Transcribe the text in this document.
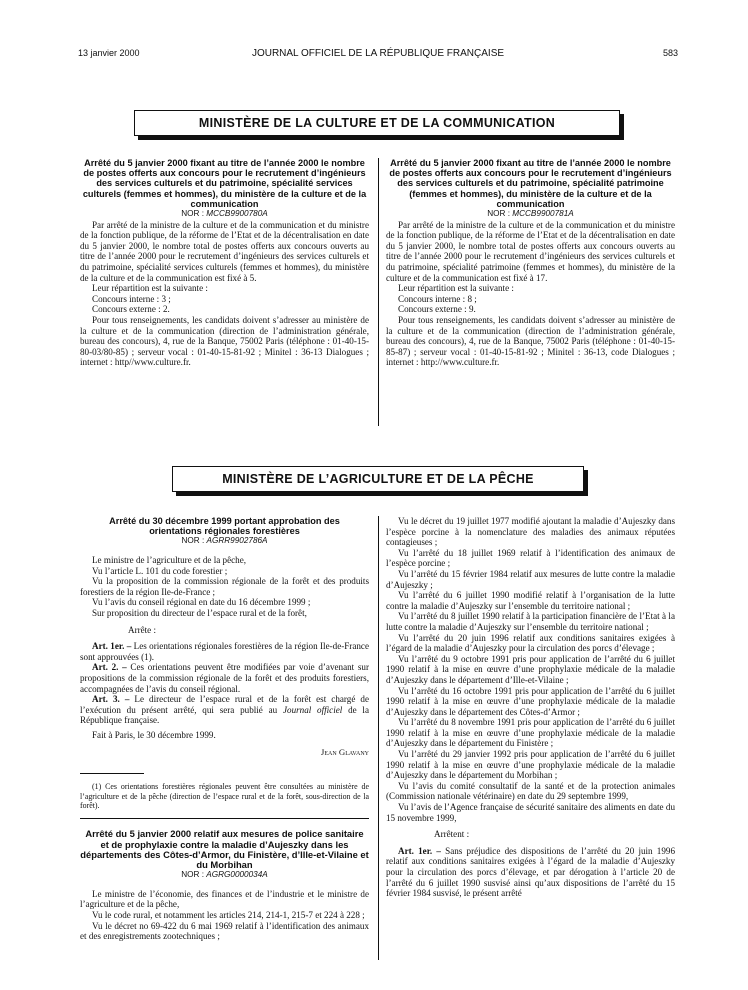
13 janvier 2000	JOURNAL OFFICIEL DE LA RÉPUBLIQUE FRANÇAISE	583
MINISTÈRE DE LA CULTURE ET DE LA COMMUNICATION

Arrêté du 5 janvier 2000 fixant au titre de l’année 2000 le nombre de postes offerts aux concours pour le recrutement d’ingénieurs des services culturels et du patrimoine, spécialité services culturels (femmes et hommes), du ministère de la culture et de la communication

NOR : MCCB9900780A

Par arrêté de la ministre de la culture et de la communication et du ministre de la fonction publique, de la réforme de l’Etat et de la décentralisation en date du 5 janvier 2000, le nombre total de postes offerts aux concours ouverts au titre de l’année 2000 pour le recrutement d’ingénieurs des services culturels et du patrimoine, spécialité services culturels (femmes et hommes), du ministère de la culture et de la communication est fixé à 5.

Leur répartition est la suivante :

Concours interne : 3 ;

Concours externe : 2.

Pour tous renseignements, les candidats doivent s’adresser au ministère de la culture et de la communication (direction de l’administration générale, bureau des concours), 4, rue de la Banque, 75002 Paris (téléphone : 01-40-15-80-03/80-85) ; serveur vocal : 01-40-15-81-92 ; Minitel : 36-13 Dialogues ; internet : http//www.culture.fr.

Arrêté du 5 janvier 2000 fixant au titre de l’année 2000 le nombre de postes offerts aux concours pour le recrutement d’ingénieurs des services culturels et du patrimoine, spécialité patrimoine (femmes et hommes), du ministère de la culture et de la communication

NOR : MCCB9900781A

Par arrêté de la ministre de la culture et de la communication et du ministre de la fonction publique, de la réforme de l’Etat et de la décentralisation en date du 5 janvier 2000, le nombre total de postes offerts aux concours ouverts au titre de l’année 2000 pour le recrutement d’ingénieurs des services culturels et du patrimoine, spécialité patrimoine (femmes et hommes), du ministère de la culture et de la communication est fixé à 17.

Leur répartition est la suivante :

Concours interne : 8 ;

Concours externe : 9.

Pour tous renseignements, les candidats doivent s’adresser au ministère de la culture et de la communication (direction de l’administration générale, bureau des concours), 4, rue de la Banque, 75002 Paris (téléphone : 01-40-15-85-87) ; serveur vocal : 01-40-15-81-92 ; Minitel : 36-13, code Dialogues ; internet : http://www.culture.fr.

MINISTÈRE DE L’AGRICULTURE ET DE LA PÊCHE

Arrêté du 30 décembre 1999 portant approbation des orientations régionales forestières

NOR : AGRR9902786A

Le ministre de l’agriculture et de la pêche,

Vu l’article L. 101 du code forestier ;

Vu la proposition de la commission régionale de la forêt et des produits forestiers de la région Ile-de-France ;

Vu l’avis du conseil régional en date du 16 décembre 1999 ;

Sur proposition du directeur de l’espace rural et de la forêt,

Arrête :

Art. 1er. – Les orientations régionales forestières de la région Ile-de-France sont approuvées (1).

Art. 2. – Ces orientations peuvent être modifiées par voie d’avenant sur propositions de la commission régionale de la forêt et des produits forestiers, accompagnées de l’avis du conseil régional.

Art. 3. – Le directeur de l’espace rural et de la forêt est chargé de l’exécution du présent arrêté, qui sera publié au Journal officiel de la République française.

Fait à Paris, le 30 décembre 1999.

Jean Glavany

(1) Ces orientations forestières régionales peuvent être consultées au ministère de l’agriculture et de la pêche (direction de l’espace rural et de la forêt, sous-direction de la forêt).

Arrêté du 5 janvier 2000 relatif aux mesures de police sanitaire et de prophylaxie contre la maladie d’Aujeszky dans les départements des Côtes-d’Armor, du Finistère, d’Ille-et-Vilaine et du Morbihan

NOR : AGRG0000034A

Le ministre de l’économie, des finances et de l’industrie et le ministre de l’agriculture et de la pêche,

Vu le code rural, et notamment les articles 214, 214-1, 215-7 et 224 à 228 ;

Vu le décret no 69-422 du 6 mai 1969 relatif à l’identification des animaux et des enregistrements zootechniques ;

Vu le décret du 19 juillet 1977 modifié ajoutant la maladie d’Aujeszky dans l’espèce porcine à la nomenclature des maladies des animaux réputées contagieuses ;

Vu l’arrêté du 18 juillet 1969 relatif à l’identification des animaux de l’espèce porcine ;

Vu l’arrêté du 15 février 1984 relatif aux mesures de lutte contre la maladie d’Aujeszky ;

Vu l’arrêté du 6 juillet 1990 modifié relatif à l’organisation de la lutte contre la maladie d’Aujeszky sur l’ensemble du territoire national ;

Vu l’arrêté du 8 juillet 1990 relatif à la participation financière de l’Etat à la lutte contre la maladie d’Aujeszky sur l’ensemble du territoire national ;

Vu l’arrêté du 20 juin 1996 relatif aux conditions sanitaires exigées à l’égard de la maladie d’Aujeszky pour la circulation des porcs d’élevage ;

Vu l’arrêté du 9 octobre 1991 pris pour application de l’arrêté du 6 juillet 1990 relatif à la mise en œuvre d’une prophylaxie médicale de la maladie d’Aujeszky dans le département d’Ille-et-Vilaine ;

Vu l’arrêté du 16 octobre 1991 pris pour application de l’arrêté du 6 juillet 1990 relatif à la mise en œuvre d’une prophylaxie médicale de la maladie d’Aujeszky dans le département des Côtes-d’Armor ;

Vu l’arrêté du 8 novembre 1991 pris pour application de l’arrêté du 6 juillet 1990 relatif à la mise en œuvre d’une prophylaxie médicale de la maladie d’Aujeszky dans le département du Finistère ;

Vu l’arrêté du 29 janvier 1992 pris pour application de l’arrêté du 6 juillet 1990 relatif à la mise en œuvre d’une prophylaxie médicale de la maladie d’Aujeszky dans le département du Morbihan ;

Vu l’avis du comité consultatif de la santé et de la protection animales (Commission nationale vétérinaire) en date du 29 septembre 1999,

Vu l’avis de l’Agence française de sécurité sanitaire des aliments en date du 15 novembre 1999,

Arrêtent :

Art. 1er. – Sans préjudice des dispositions de l’arrêté du 20 juin 1996 relatif aux conditions sanitaires exigées à l’égard de la maladie d’Aujeszky pour la circulation des porcs d’élevage, et par dérogation à l’article 20 de l’arrêté du 6 juillet 1990 susvisé ainsi qu’aux dispositions de l’arrêté du 15 février 1984 susvisé, le présent arrêté
